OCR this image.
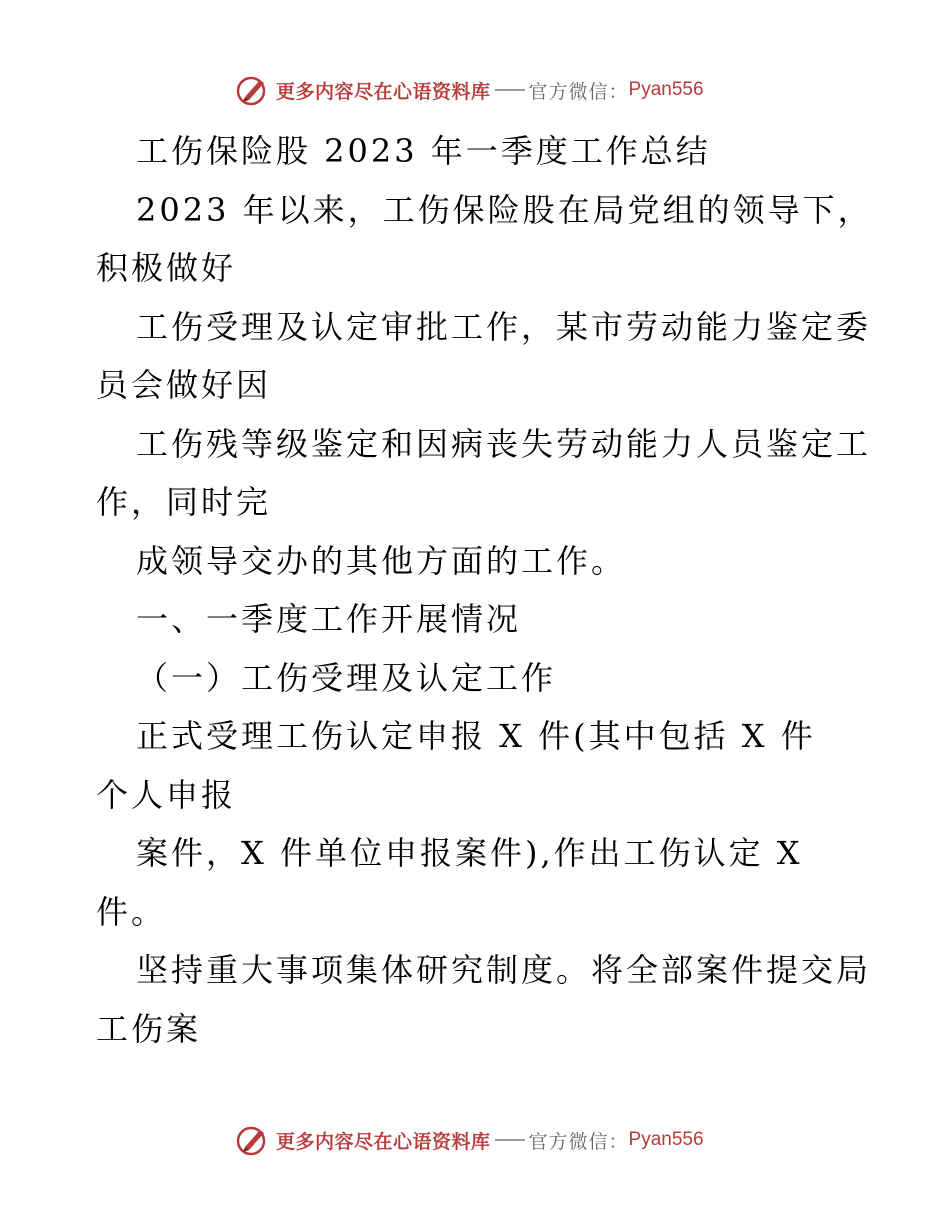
更多内容尽在心语资料库 官方微信： Pyan556
工伤保险股 2023 年一季度工作总结
2023 年以来，工伤保险股在局党组的领导下，
积极做好
工伤受理及认定审批工作，某市劳动能力鉴定委
员会做好因
工伤残等级鉴定和因病丧失劳动能力人员鉴定工
作，同时完
成领导交办的其他方面的工作。
一、一季度工作开展情况
（一）工伤受理及认定工作
正式受理工伤认定申报 X 件(其中包括 X 件
个人申报
案件，X 件单位申报案件),作出工伤认定 X
件。
坚持重大事项集体研究制度。将全部案件提交局
工伤案
更多内容尽在心语资料库 官方微信： Pyan556
